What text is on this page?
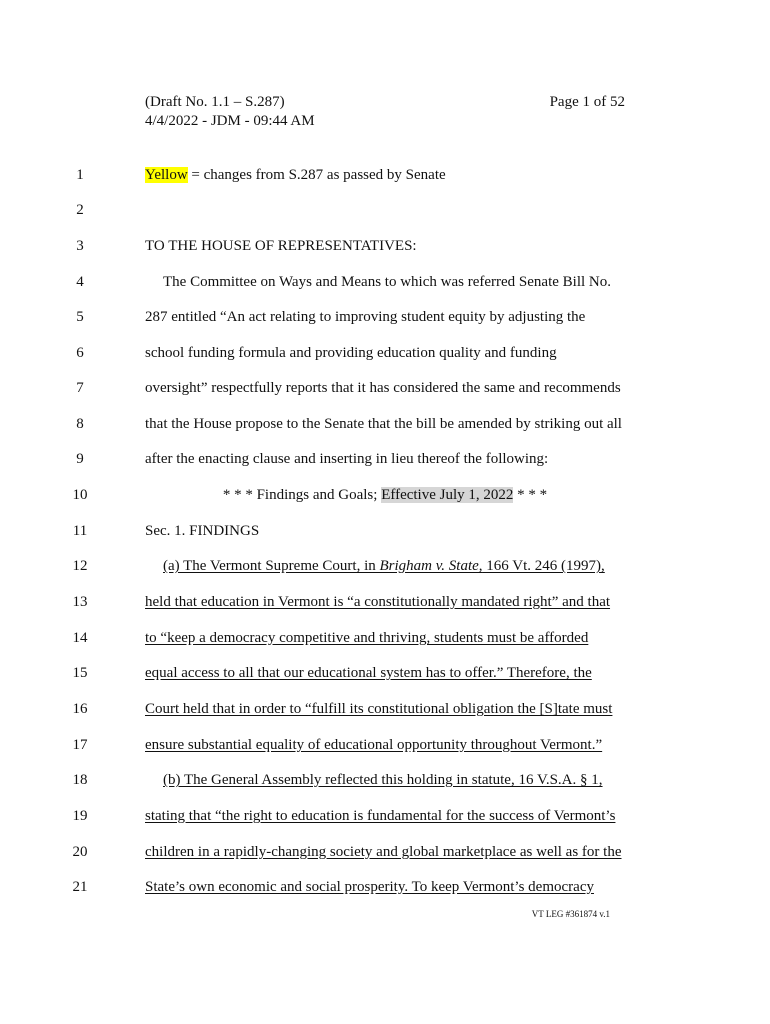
(Draft No. 1.1 – S.287)
4/4/2022 - JDM - 09:44 AM
Page 1 of 52
1	Yellow = changes from S.287 as passed by Senate
2
3	TO THE HOUSE OF REPRESENTATIVES:
4	The Committee on Ways and Means to which was referred Senate Bill No.
5	287 entitled “An act relating to improving student equity by adjusting the
6	school funding formula and providing education quality and funding
7	oversight” respectfully reports that it has considered the same and recommends
8	that the House propose to the Senate that the bill be amended by striking out all
9	after the enacting clause and inserting in lieu thereof the following:
10	* * * Findings and Goals; Effective July 1, 2022 * * *
11	Sec. 1. FINDINGS
12	(a) The Vermont Supreme Court, in Brigham v. State, 166 Vt. 246 (1997),
13	held that education in Vermont is “a constitutionally mandated right” and that
14	to “keep a democracy competitive and thriving, students must be afforded
15	equal access to all that our educational system has to offer.” Therefore, the
16	Court held that in order to “fulfill its constitutional obligation the [S]tate must
17	ensure substantial equality of educational opportunity throughout Vermont.”
18	(b) The General Assembly reflected this holding in statute, 16 V.S.A. § 1,
19	stating that “the right to education is fundamental for the success of Vermont’s
20	children in a rapidly-changing society and global marketplace as well as for the
21	State’s own economic and social prosperity. To keep Vermont’s democracy
VT LEG #361874 v.1
